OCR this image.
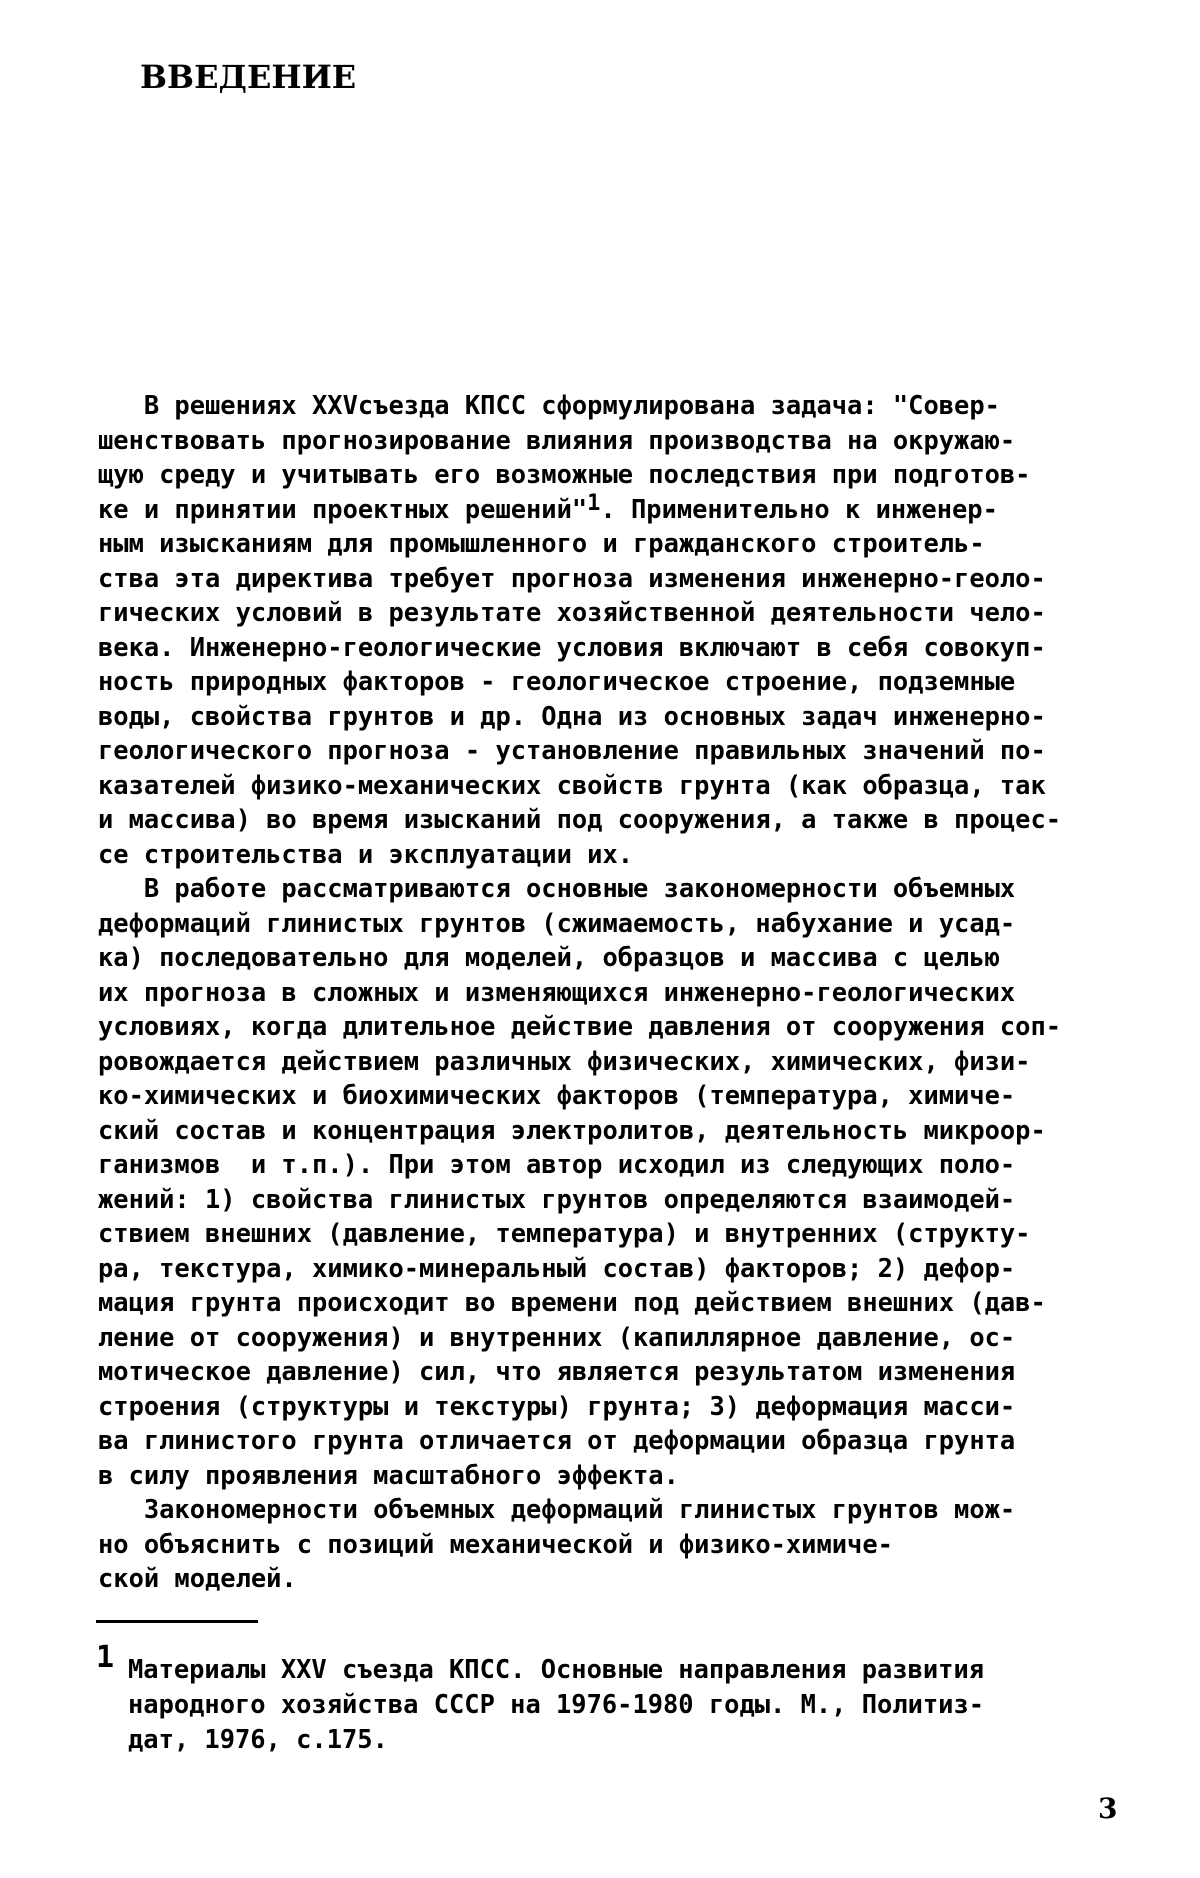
ВВЕДЕНИЕ
В решениях XXVсъезда КПСС сформулирована задача: "Совер-
шенствовать прогнозирование влияния производства на окружаю-
щую среду и учитывать его возможные последствия при подготов-
ке и принятии проектных решений"$^1$. Применительно к инженер-
ным изысканиям для промышленного и гражданского строитель-
ства эта директива требует прогноза изменения инженерно-геоло-
гических условий в результате хозяйственной деятельности чело-
века. Инженерно-геологические условия включают в себя совокуп-
ность природных факторов - геологическое строение, подземные
воды, свойства грунтов и др. Одна из основных задач инженерно-
геологического прогноза - установление правильных значений по-
казателей физико-механических свойств грунта (как образца, так
и массива) во время изысканий под сооружения, а также в процес-
се строительства и эксплуатации их.
В работе рассматриваются основные закономерности объемных
деформаций глинистых грунтов (сжимаемость, набухание и усад-
ка) последовательно для моделей, образцов и массива с целью
их прогноза в сложных и изменяющихся инженерно-геологических
условиях, когда длительное действие давления от сооружения соп-
ровождается действием различных физических, химических, физи-
ко-химических и биохимических факторов (температура, химиче-
ский состав и концентрация электролитов, деятельность микроор-
ганизмов  и т.п.). При этом автор исходил из следующих поло-
жений: 1) свойства глинистых грунтов определяются взаимодей-
ствием внешних (давление, температура) и внутренних (структу-
ра, текстура, химико-минеральный состав) факторов; 2) дефор-
мация грунта происходит во времени под действием внешних (дав-
ление от сооружения) и внутренних (капиллярное давление, ос-
мотическое давление) сил, что является результатом изменения
строения (структуры и текстуры) грунта; 3) деформация масси-
ва глинистого грунта отличается от деформации образца грунта
в силу проявления масштабного эффекта.
Закономерности объемных деформаций глинистых грунтов мож-
но объяснить с позиций механической и физико-химиче-
ской моделей.
1 Материалы XXV съезда КПСС. Основные направления развития
народного хозяйства СССР на 1976-1980 годы. М., Политиз-
дат, 1976, с.175.
3
